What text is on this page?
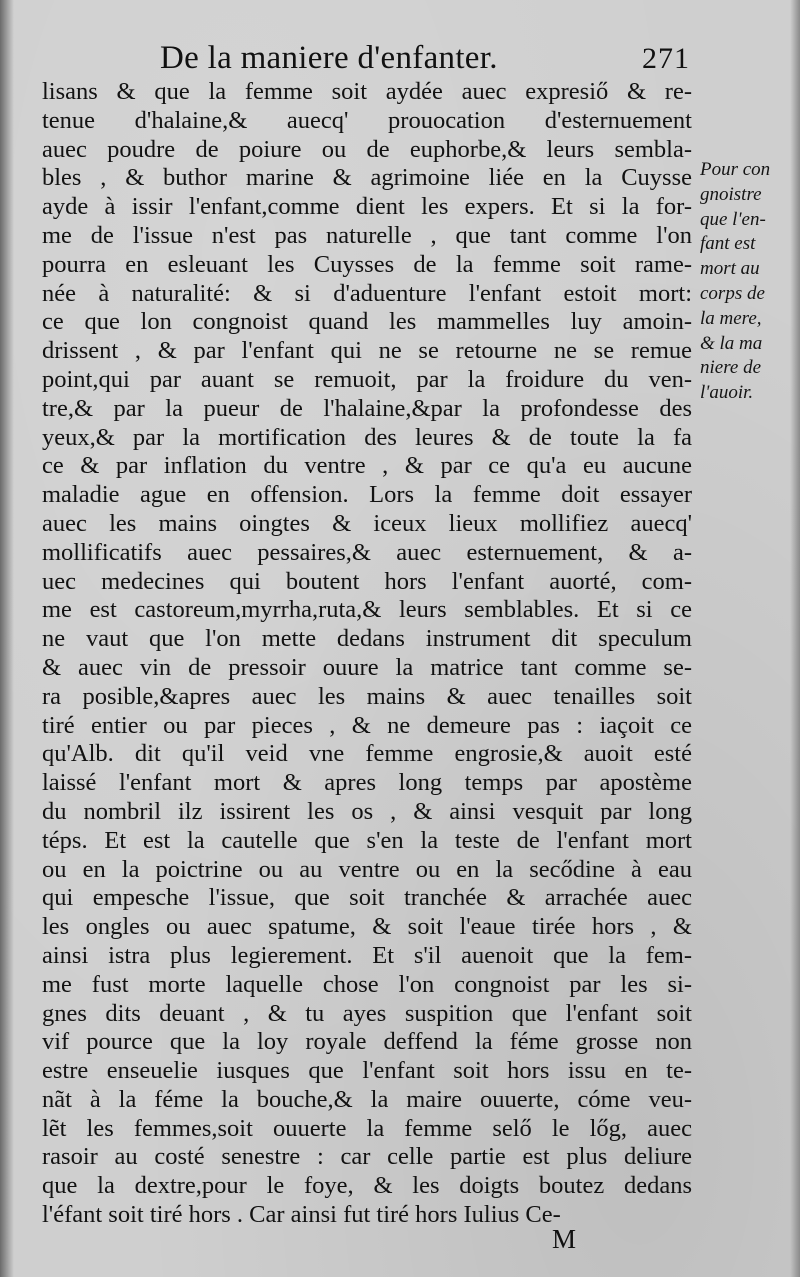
De la maniere d'enfanter.	271
lisans & que la femme soit aydée auec expresiő & re-
tenue d'halaine,& auecq' prouocation d'esternuement
auec poudre de poiure ou de euphorbe,& leurs sembla-
bles , & buthor marine & agrimoine liée en la Cuysse
ayde à issir l'enfant,comme dient les expers. Et si la for-
me de l'issue n'est pas naturelle , que tant comme l'on
pourra en esleuant les Cuysses de la femme soit rame-
née à naturalité: & si d'aduenture l'enfant estoit mort:
ce que lon congnoist quand les mammelles luy amoin-
drissent , & par l'enfant qui ne se retourne ne se remue
point,qui par auant se remuoit, par la froidure du ven-
tre,& par la pueur de l'halaine,&par la profondesse des
yeux,& par la mortification des leures & de toute la fa
ce & par inflation du ventre , & par ce qu'a eu aucune
maladie ague en offension. Lors la femme doit essayer
auec les mains oingtes & iceux lieux mollifiez auecq'
mollificatifs auec pessaires,& auec esternuement, & a-
uec medecines qui boutent hors l'enfant auorté, com-
me est castoreum,myrrha,ruta,& leurs semblables. Et si ce
ne vaut que l'on mette dedans instrument dit speculum
& auec vin de pressoir ouure la matrice tant comme se-
ra posible,&apres auec les mains & auec tenailles soit
tiré entier ou par pieces , & ne demeure pas : iaçoit ce
qu'Alb. dit qu'il veid vne femme engrosie,& auoit esté
laissé l'enfant mort & apres long temps par apostème
du nombril ilz issirent les os , & ainsi vesquit par long
téps. Et est la cautelle que s'en la teste de l'enfant mort
ou en la poictrine ou au ventre ou en la secődine à eau
qui empesche l'issue, que soit tranchée & arrachée auec
les ongles ou auec spatume, & soit l'eaue tirée hors , &
ainsi istra plus legierement. Et s'il auenoit que la fem-
me fust morte laquelle chose l'on congnoist par les si-
gnes dits deuant , & tu ayes suspition que l'enfant soit
vif pource que la loy royale deffend la féme grosse non
estre enseuelie iusques que l'enfant soit hors issu en te-
nãt à la féme la bouche,& la maire ouuerte, cóme veu-
lẽt les femmes,soit ouuerte la femme selő le lőg, auec
rasoir au costé senestre : car celle partie est plus deliure
que la dextre,pour le foye, & les doigts boutez dedans
l'éfant soit tiré hors . Car ainsi fut tiré hors Iulius Ce-
Pour con
gnoistre
que l'en-
fant est
mort au
corps de
la mere,
& la ma
niere de
l'auoir.
M
